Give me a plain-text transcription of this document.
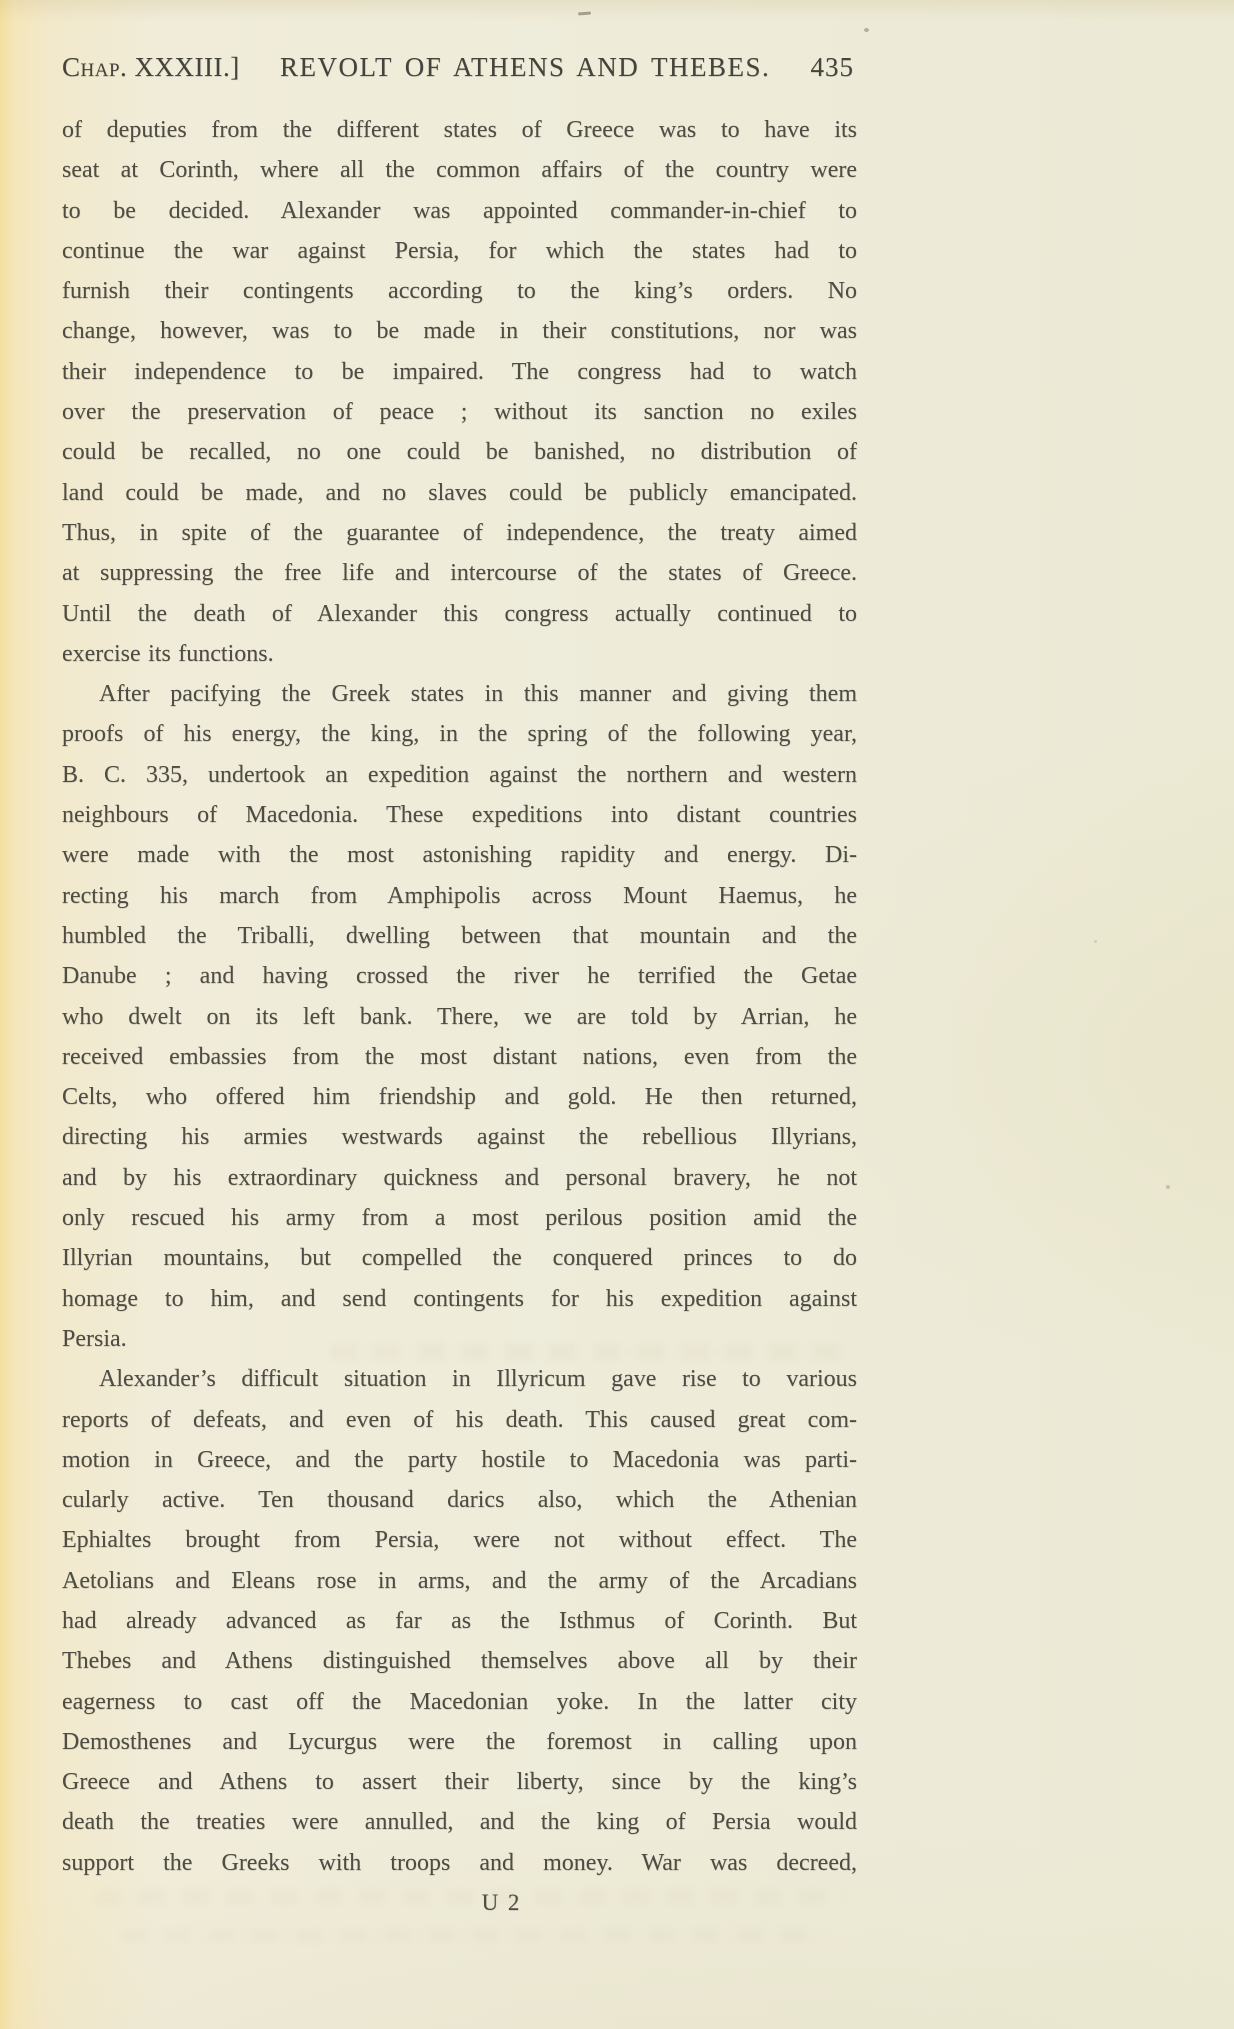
Chap. XXXIII.]	REVOLT OF ATHENS AND THEBES.	435
of deputies from the different states of Greece was to have its
seat at Corinth, where all the common affairs of the country were
to be decided. Alexander was appointed commander-in-chief to
continue the war against Persia, for which the states had to
furnish their contingents according to the king’s orders. No
change, however, was to be made in their constitutions, nor was
their independence to be impaired. The congress had to watch
over the preservation of peace ; without its sanction no exiles
could be recalled, no one could be banished, no distribution of
land could be made, and no slaves could be publicly emancipated.
Thus, in spite of the guarantee of independence, the treaty aimed
at suppressing the free life and intercourse of the states of Greece.
Until the death of Alexander this congress actually continued to
exercise its functions.
After pacifying the Greek states in this manner and giving them
proofs of his energy, the king, in the spring of the following year,
B. C. 335, undertook an expedition against the northern and western
neighbours of Macedonia. These expeditions into distant countries
were made with the most astonishing rapidity and energy. Di-
recting his march from Amphipolis across Mount Haemus, he
humbled the Triballi, dwelling between that mountain and the
Danube ; and having crossed the river he terrified the Getae
who dwelt on its left bank. There, we are told by Arrian, he
received embassies from the most distant nations, even from the
Celts, who offered him friendship and gold. He then returned,
directing his armies westwards against the rebellious Illyrians,
and by his extraordinary quickness and personal bravery, he not
only rescued his army from a most perilous position amid the
Illyrian mountains, but compelled the conquered princes to do
homage to him, and send contingents for his expedition against
Persia.
Alexander’s difficult situation in Illyricum gave rise to various
reports of defeats, and even of his death. This caused great com-
motion in Greece, and the party hostile to Macedonia was parti-
cularly active. Ten thousand darics also, which the Athenian
Ephialtes brought from Persia, were not without effect. The
Aetolians and Eleans rose in arms, and the army of the Arcadians
had already advanced as far as the Isthmus of Corinth. But
Thebes and Athens distinguished themselves above all by their
eagerness to cast off the Macedonian yoke. In the latter city
Demosthenes and Lycurgus were the foremost in calling upon
Greece and Athens to assert their liberty, since by the king’s
death the treaties were annulled, and the king of Persia would
support the Greeks with troops and money. War was decreed,
U 2
